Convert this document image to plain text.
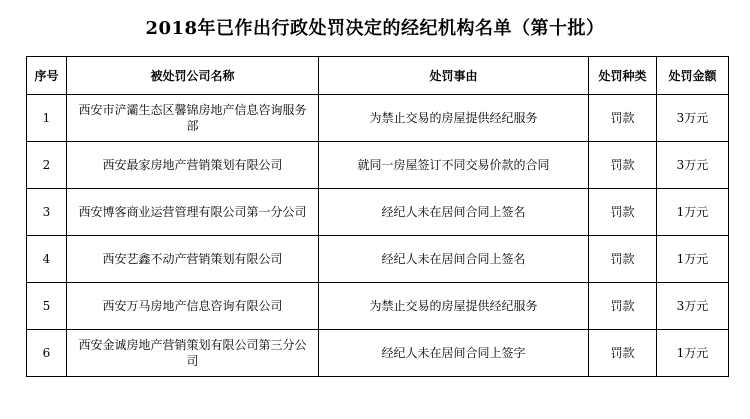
2018年已作出行政处罚决定的经纪机构名单（第十批）
序号	被处罚公司名称	处罚事由	处罚种类	处罚金额
1	西安市浐灞生态区馨锦房地产信息咨询服务部	为禁止交易的房屋提供经纪服务	罚款	3万元
2	西安最家房地产营销策划有限公司	就同一房屋签订不同交易价款的合同	罚款	3万元
3	西安博客商业运营管理有限公司第一分公司	经纪人未在居间合同上签名	罚款	1万元
4	西安艺鑫不动产营销策划有限公司	经纪人未在居间合同上签名	罚款	1万元
5	西安万马房地产信息咨询有限公司	为禁止交易的房屋提供经纪服务	罚款	3万元
6	西安金诚房地产营销策划有限公司第三分公司	经纪人未在居间合同上签字	罚款	1万元
